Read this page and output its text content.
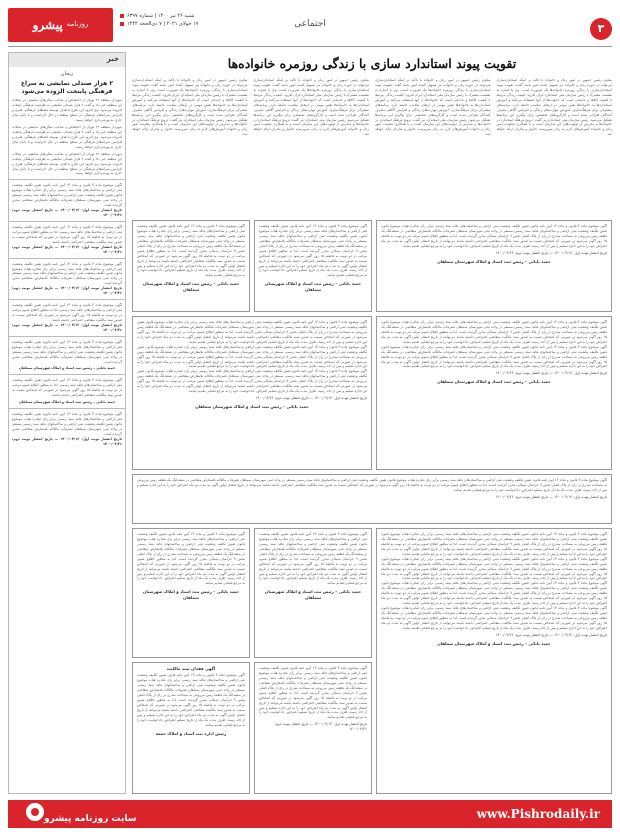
روزنامه
پیشرو
شنبه ۲۶ تیر ۱۴۰۰ | شماره ۶۳۹۷
۱۷ جولای ۲۰۲۱ | ۷ ذی‌الحجه ۱۴۴۲	اجتماعی	۳
خبر
زنجان
۲ هزار صندلی نمایشی به سراغ فرهنگی پایتخت الزوده می‌شود
شهردار منطقه ۲۲ تهران از اختصاص و ساخت سالن‌های نمایشی در محلات این منطقه خبر داد و گفت ۲ هزار صندلی نمایشی به ظرفیت فرهنگی پایتخت افزوده می‌شود. وی افزود این طرح با هدف توسعه فضاهای فرهنگی، هنری و افزایش سرانه‌های فرهنگی در سطح منطقه در حال اجراست و تا پایان سال جاری به بهره‌برداری خواهد رسید.
شهردار منطقه ۲۲ تهران از اختصاص و ساخت سالن‌های نمایشی در محلات این منطقه خبر داد و گفت ۲ هزار صندلی نمایشی به ظرفیت فرهنگی پایتخت افزوده می‌شود. وی افزود این طرح با هدف توسعه فضاهای فرهنگی، هنری و افزایش سرانه‌های فرهنگی در سطح منطقه در حال اجراست و تا پایان سال جاری به بهره‌برداری خواهد رسید.
شهردار منطقه ۲۲ تهران از اختصاص و ساخت سالن‌های نمایشی در محلات این منطقه خبر داد و گفت ۲ هزار صندلی نمایشی به ظرفیت فرهنگی پایتخت افزوده می‌شود. وی افزود این طرح با هدف توسعه فضاهای فرهنگی، هنری و افزایش سرانه‌های فرهنگی در سطح منطقه در حال اجراست و تا پایان سال جاری به بهره‌برداری خواهد رسید.
آگهی موضوع ماده ۳ قانون و ماده ۱۳ آیین نامه قانون تعیین تکلیف وضعیت ثبتی اراضی و ساختمان‌های فاقد سند رسمی برابر رای صادره هیات موضوع قانون تعیین تکلیف وضعیت ثبتی اراضی و ساختمانهای فاقد سند رسمی مستقر در واحد ثبتی شهرستان سملقان تصرفات مالکانه بلامعارض متقاضی محرز گردیده است.
تاریخ انتشار نوبت اول: ۱۴۰۰/۰۴/۱۲ — تاریخ انتشار نوبت دوم: ۱۴۰۰/۰۴/۲۶
آگهی موضوع ماده ۳ قانون و ماده ۱۳ آیین نامه قانون تعیین تکلیف وضعیت ثبتی اراضی و ساختمان‌های فاقد سند رسمی، لذا به منظور اطلاع عموم مراتب در دو نوبت به فاصله ۱۵ روز آگهی می‌شود در صورتی که اشخاص نسبت به صدور سند مالکیت متقاضی اعتراضی داشته باشند.
تاریخ انتشار نوبت اول: ۱۴۰۰/۰۴/۱۲ — تاریخ انتشار نوبت دوم: ۱۴۰۰/۰۴/۲۶
آگهی موضوع ماده ۳ قانون و ماده ۱۳ آیین نامه قانون تعیین تکلیف وضعیت ثبتی اراضی و ساختمان‌های فاقد سند رسمی برابر رای صادره هیات موضوع قانون تعیین تکلیف وضعیت ثبتی اراضی و ساختمانهای فاقد سند رسمی مستقر در واحد ثبتی شهرستان سملقان تصرفات مالکانه بلامعارض متقاضی محرز گردیده است.
تاریخ انتشار نوبت اول: ۱۴۰۰/۰۴/۱۲ — تاریخ انتشار نوبت دوم: ۱۴۰۰/۰۴/۲۶
آگهی موضوع ماده ۳ قانون و ماده ۱۳ آیین نامه قانون تعیین تکلیف وضعیت ثبتی اراضی و ساختمان‌های فاقد سند رسمی، لذا به منظور اطلاع عموم مراتب در دو نوبت به فاصله ۱۵ روز آگهی می‌شود در صورتی که اشخاص نسبت به صدور سند مالکیت متقاضی اعتراضی داشته باشند.
تاریخ انتشار نوبت اول: ۱۴۰۰/۰۴/۱۲ — تاریخ انتشار نوبت دوم: ۱۴۰۰/۰۴/۲۶
آگهی موضوع ماده ۳ قانون و ماده ۱۳ آیین نامه قانون تعیین تکلیف وضعیت ثبتی اراضی و ساختمان‌های فاقد سند رسمی برابر رای صادره هیات موضوع قانون تعیین تکلیف وضعیت ثبتی اراضی و ساختمانهای فاقد سند رسمی مستقر در واحد ثبتی شهرستان سملقان تصرفات مالکانه بلامعارض متقاضی محرز گردیده است.
حمید بابائی – رئیس ثبت اسناد و املاک شهرستان سملقان
آگهی موضوع ماده ۳ قانون و ماده ۱۳ آیین نامه قانون تعیین تکلیف وضعیت ثبتی اراضی و ساختمان‌های فاقد سند رسمی، لذا به منظور اطلاع عموم مراتب در دو نوبت به فاصله ۱۵ روز آگهی می‌شود در صورتی که اشخاص نسبت به صدور سند مالکیت متقاضی اعتراضی داشته باشند.
حمید بابائی – رئیس ثبت اسناد و املاک شهرستان سملقان
آگهی موضوع ماده ۳ قانون و ماده ۱۳ آیین نامه قانون تعیین تکلیف وضعیت ثبتی اراضی و ساختمان‌های فاقد سند رسمی برابر رای صادره هیات موضوع قانون تعیین تکلیف وضعیت ثبتی اراضی و ساختمانهای فاقد سند رسمی مستقر در واحد ثبتی شهرستان سملقان تصرفات مالکانه بلامعارض متقاضی محرز گردیده است.
تاریخ انتشار نوبت اول: ۱۴۰۰/۰۴/۱۲ — تاریخ انتشار نوبت دوم: ۱۴۰۰/۰۴/۲۶
تقویت پیوند استاندارد سازی با زندگی روزمره خانواده‌ها
معاون رئیس جمهور در امور زنان و خانواده با تاکید بر اینکه استانداردسازی می‌تواند در حوزه زنان و خانواده نیز تسهیل کننده امور باشد گفت: تقویت پیوند استانداردسازی با زندگی روزمره خانواده‌ها یک ضرورت است. وی با اشاره به نشست مشترک با رئیس سازمان ملی استاندارد ایران افزود: کیفیت زندگی مرتبط با کیفیت کالاها و خدماتی است که خانواده‌ها از آنها استفاده می‌کنند و آموزش استانداردها به خانواده‌ها نقش مهمی در ارتقای سلامت جامعه دارد. برنامه‌های مشترکی برای فرهنگ‌سازی، آموزش مهارت‌های زندگی و افزایش آگاهی مصرف کنندگان طراحی شده است و کارگروه‌های تخصصی برای پیگیری این برنامه‌ها تشکیل می‌شود. رئیس سازمان ملی استاندارد نیز گفت: ترویج فرهنگ استاندارد در خانواده‌ها و مدارس از اولویت‌های این سازمان است و با همکاری معاونت امور زنان و خانواده آموزش‌های لازم به زنان سرپرست خانوار و مادران ارائه خواهد شد.
معاون رئیس جمهور در امور زنان و خانواده با تاکید بر اینکه استانداردسازی می‌تواند در حوزه زنان و خانواده نیز تسهیل کننده امور باشد گفت: تقویت پیوند استانداردسازی با زندگی روزمره خانواده‌ها یک ضرورت است. وی با اشاره به نشست مشترک با رئیس سازمان ملی استاندارد ایران افزود: کیفیت زندگی مرتبط با کیفیت کالاها و خدماتی است که خانواده‌ها از آنها استفاده می‌کنند و آموزش استانداردها به خانواده‌ها نقش مهمی در ارتقای سلامت جامعه دارد. برنامه‌های مشترکی برای فرهنگ‌سازی، آموزش مهارت‌های زندگی و افزایش آگاهی مصرف کنندگان طراحی شده است و کارگروه‌های تخصصی برای پیگیری این برنامه‌ها تشکیل می‌شود. رئیس سازمان ملی استاندارد نیز گفت: ترویج فرهنگ استاندارد در خانواده‌ها و مدارس از اولویت‌های این سازمان است و با همکاری معاونت امور زنان و خانواده آموزش‌های لازم به زنان سرپرست خانوار و مادران ارائه خواهد شد.
معاون رئیس جمهور در امور زنان و خانواده با تاکید بر اینکه استانداردسازی می‌تواند در حوزه زنان و خانواده نیز تسهیل کننده امور باشد گفت: تقویت پیوند استانداردسازی با زندگی روزمره خانواده‌ها یک ضرورت است. وی با اشاره به نشست مشترک با رئیس سازمان ملی استاندارد ایران افزود: کیفیت زندگی مرتبط با کیفیت کالاها و خدماتی است که خانواده‌ها از آنها استفاده می‌کنند و آموزش استانداردها به خانواده‌ها نقش مهمی در ارتقای سلامت جامعه دارد. برنامه‌های مشترکی برای فرهنگ‌سازی، آموزش مهارت‌های زندگی و افزایش آگاهی مصرف کنندگان طراحی شده است و کارگروه‌های تخصصی برای پیگیری این برنامه‌ها تشکیل می‌شود. رئیس سازمان ملی استاندارد نیز گفت: ترویج فرهنگ استاندارد در خانواده‌ها و مدارس از اولویت‌های این سازمان است و با همکاری معاونت امور زنان و خانواده آموزش‌های لازم به زنان سرپرست خانوار و مادران ارائه خواهد شد.
معاون رئیس جمهور در امور زنان و خانواده با تاکید بر اینکه استانداردسازی می‌تواند در حوزه زنان و خانواده نیز تسهیل کننده امور باشد گفت: تقویت پیوند استانداردسازی با زندگی روزمره خانواده‌ها یک ضرورت است. وی با اشاره به نشست مشترک با رئیس سازمان ملی استاندارد ایران افزود: کیفیت زندگی مرتبط با کیفیت کالاها و خدماتی است که خانواده‌ها از آنها استفاده می‌کنند و آموزش استانداردها به خانواده‌ها نقش مهمی در ارتقای سلامت جامعه دارد. برنامه‌های مشترکی برای فرهنگ‌سازی، آموزش مهارت‌های زندگی و افزایش آگاهی مصرف کنندگان طراحی شده است و کارگروه‌های تخصصی برای پیگیری این برنامه‌ها تشکیل می‌شود. رئیس سازمان ملی استاندارد نیز گفت: ترویج فرهنگ استاندارد در خانواده‌ها و مدارس از اولویت‌های این سازمان است و با همکاری معاونت امور زنان و خانواده آموزش‌های لازم به زنان سرپرست خانوار و مادران ارائه خواهد شد.
آگهی موضوع ماده ۳ قانون و ماده ۱۳ آیین نامه قانون تعیین تکلیف وضعیت ثبتی اراضی و ساختمان‌های فاقد سند رسمی برابر رای صادره هیات موضوع قانون تعیین تکلیف وضعیت ثبتی اراضی و ساختمانهای فاقد سند رسمی مستقر در واحد ثبتی شهرستان سملقان تصرفات مالکانه بلامعارض متقاضی در ششدانگ یک قطعه زمین مزروعی به مساحت مندرج در رای از پلاک اصلی بخش ۹ خراسان شمالی محرز گردیده است. لذا به منظور اطلاع عموم مراتب در دو نوبت به فاصله ۱۵ روز آگهی می‌شود در صورتی که اشخاص نسبت به صدور سند مالکیت متقاضی اعتراضی داشته باشند می‌توانند از تاریخ انتشار اولین آگهی به مدت دو ماه اعتراض خود را به این اداره تسلیم و پس از اخذ رسید، ظرف مدت یک ماه از تاریخ تسلیم اعتراض، دادخواست خود را به مرجع قضایی تقدیم نمایند.
حمید بابائی – رئیس ثبت اسناد و املاک شهرستان سملقان
آگهی موضوع ماده ۳ قانون و ماده ۱۳ آیین نامه قانون تعیین تکلیف وضعیت ثبتی اراضی و ساختمان‌های فاقد سند رسمی برابر رای صادره هیات موضوع قانون تعیین تکلیف وضعیت ثبتی اراضی و ساختمانهای فاقد سند رسمی مستقر در واحد ثبتی شهرستان سملقان تصرفات مالکانه بلامعارض متقاضی در ششدانگ یک قطعه زمین مزروعی به مساحت مندرج در رای از پلاک اصلی بخش ۹ خراسان شمالی محرز گردیده است. لذا به منظور اطلاع عموم مراتب در دو نوبت به فاصله ۱۵ روز آگهی می‌شود در صورتی که اشخاص نسبت به صدور سند مالکیت متقاضی اعتراضی داشته باشند می‌توانند از تاریخ انتشار اولین آگهی به مدت دو ماه اعتراض خود را به این اداره تسلیم و پس از اخذ رسید، ظرف مدت یک ماه از تاریخ تسلیم اعتراض، دادخواست خود را به مرجع قضایی تقدیم نمایند.
حمید بابائی – رئیس ثبت اسناد و املاک شهرستان سملقان
آگهی موضوع ماده ۳ قانون و ماده ۱۳ آیین نامه قانون تعیین تکلیف وضعیت ثبتی اراضی و ساختمان‌های فاقد سند رسمی برابر رای صادره هیات موضوع قانون تعیین تکلیف وضعیت ثبتی اراضی و ساختمانهای فاقد سند رسمی مستقر در واحد ثبتی شهرستان سملقان تصرفات مالکانه بلامعارض متقاضی در ششدانگ یک قطعه زمین مزروعی به مساحت مندرج در رای از پلاک اصلی بخش ۹ خراسان شمالی محرز گردیده است. لذا به منظور اطلاع عموم مراتب در دو نوبت به فاصله ۱۵ روز آگهی می‌شود در صورتی که اشخاص نسبت به صدور سند مالکیت متقاضی اعتراضی داشته باشند می‌توانند از تاریخ انتشار اولین آگهی به مدت دو ماه اعتراض خود را به این اداره تسلیم و پس از اخذ رسید، ظرف مدت یک ماه از تاریخ تسلیم اعتراض، دادخواست خود را به مرجع قضایی تقدیم نمایند.
تاریخ انتشار نوبت اول: ۱۴۰۰/۰۴/۱۲ — تاریخ انتشار نوبت دوم: ۱۴۰۰/۰۴/۲۶
حمید بابائی – رئیس ثبت اسناد و املاک شهرستان سملقان
آگهی موضوع ماده ۳ قانون و ماده ۱۳ آیین نامه قانون تعیین تکلیف وضعیت ثبتی اراضی و ساختمان‌های فاقد سند رسمی برابر رای صادره هیات موضوع قانون تعیین تکلیف وضعیت ثبتی اراضی و ساختمانهای فاقد سند رسمی مستقر در واحد ثبتی شهرستان سملقان تصرفات مالکانه بلامعارض متقاضی در ششدانگ یک قطعه زمین مزروعی به مساحت مندرج در رای از پلاک اصلی بخش ۹ خراسان شمالی محرز گردیده است. لذا به منظور اطلاع عموم مراتب در دو نوبت به فاصله ۱۵ روز آگهی می‌شود در صورتی که اشخاص نسبت به صدور سند مالکیت متقاضی اعتراضی داشته باشند می‌توانند از تاریخ انتشار اولین آگهی به مدت دو ماه اعتراض خود را به این اداره تسلیم و پس از اخذ رسید، ظرف مدت یک ماه از تاریخ تسلیم اعتراض، دادخواست خود را به مرجع قضایی تقدیم نمایند.
آگهی موضوع ماده ۳ قانون و ماده ۱۳ آیین نامه قانون تعیین تکلیف وضعیت ثبتی اراضی و ساختمان‌های فاقد سند رسمی برابر رای صادره هیات موضوع قانون تعیین تکلیف وضعیت ثبتی اراضی و ساختمانهای فاقد سند رسمی مستقر در واحد ثبتی شهرستان سملقان تصرفات مالکانه بلامعارض متقاضی در ششدانگ یک قطعه زمین مزروعی به مساحت مندرج در رای از پلاک اصلی بخش ۹ خراسان شمالی محرز گردیده است. لذا به منظور اطلاع عموم مراتب در دو نوبت به فاصله ۱۵ روز آگهی می‌شود در صورتی که اشخاص نسبت به صدور سند مالکیت متقاضی اعتراضی داشته باشند می‌توانند از تاریخ انتشار اولین آگهی به مدت دو ماه اعتراض خود را به این اداره تسلیم و پس از اخذ رسید، ظرف مدت یک ماه از تاریخ تسلیم اعتراض، دادخواست خود را به مرجع قضایی تقدیم نمایند.
آگهی موضوع ماده ۳ قانون و ماده ۱۳ آیین نامه قانون تعیین تکلیف وضعیت ثبتی اراضی و ساختمان‌های فاقد سند رسمی برابر رای صادره هیات موضوع قانون تعیین تکلیف وضعیت ثبتی اراضی و ساختمانهای فاقد سند رسمی مستقر در واحد ثبتی شهرستان سملقان تصرفات مالکانه بلامعارض متقاضی در ششدانگ یک قطعه زمین مزروعی به مساحت مندرج در رای از پلاک اصلی بخش ۹ خراسان شمالی محرز گردیده است. لذا به منظور اطلاع عموم مراتب در دو نوبت به فاصله ۱۵ روز آگهی می‌شود در صورتی که اشخاص نسبت به صدور سند مالکیت متقاضی اعتراضی داشته باشند می‌توانند از تاریخ انتشار اولین آگهی به مدت دو ماه اعتراض خود را به این اداره تسلیم و پس از اخذ رسید، ظرف مدت یک ماه از تاریخ تسلیم اعتراض، دادخواست خود را به مرجع قضایی تقدیم نمایند.
تاریخ انتشار نوبت اول: ۱۴۰۰/۰۴/۱۲ — تاریخ انتشار نوبت دوم: ۱۴۰۰/۰۴/۲۶
حمید بابائی – رئیس ثبت اسناد و املاک شهرستان سملقان
آگهی موضوع ماده ۳ قانون و ماده ۱۳ آیین نامه قانون تعیین تکلیف وضعیت ثبتی اراضی و ساختمان‌های فاقد سند رسمی برابر رای صادره هیات موضوع قانون تعیین تکلیف وضعیت ثبتی اراضی و ساختمانهای فاقد سند رسمی مستقر در واحد ثبتی شهرستان سملقان تصرفات مالکانه بلامعارض متقاضی در ششدانگ یک قطعه زمین مزروعی به مساحت مندرج در رای از پلاک اصلی بخش ۹ خراسان شمالی محرز گردیده است. لذا به منظور اطلاع عموم مراتب در دو نوبت به فاصله ۱۵ روز آگهی می‌شود در صورتی که اشخاص نسبت به صدور سند مالکیت متقاضی اعتراضی داشته باشند می‌توانند از تاریخ انتشار اولین آگهی به مدت دو ماه اعتراض خود را به این اداره تسلیم و پس از اخذ رسید، ظرف مدت یک ماه از تاریخ تسلیم اعتراض، دادخواست خود را به مرجع قضایی تقدیم نمایند.
آگهی موضوع ماده ۳ قانون و ماده ۱۳ آیین نامه قانون تعیین تکلیف وضعیت ثبتی اراضی و ساختمان‌های فاقد سند رسمی برابر رای صادره هیات موضوع قانون تعیین تکلیف وضعیت ثبتی اراضی و ساختمانهای فاقد سند رسمی مستقر در واحد ثبتی شهرستان سملقان تصرفات مالکانه بلامعارض متقاضی در ششدانگ یک قطعه زمین مزروعی به مساحت مندرج در رای از پلاک اصلی بخش ۹ خراسان شمالی محرز گردیده است. لذا به منظور اطلاع عموم مراتب در دو نوبت به فاصله ۱۵ روز آگهی می‌شود در صورتی که اشخاص نسبت به صدور سند مالکیت متقاضی اعتراضی داشته باشند می‌توانند از تاریخ انتشار اولین آگهی به مدت دو ماه اعتراض خود را به این اداره تسلیم و پس از اخذ رسید، ظرف مدت یک ماه از تاریخ تسلیم اعتراض، دادخواست خود را به مرجع قضایی تقدیم نمایند.
تاریخ انتشار نوبت اول: ۱۴۰۰/۰۴/۱۲ — تاریخ انتشار نوبت دوم: ۱۴۰۰/۰۴/۲۶
حمید بابائی – رئیس ثبت اسناد و املاک شهرستان سملقان
آگهی موضوع ماده ۳ قانون و ماده ۱۳ آیین نامه قانون تعیین تکلیف وضعیت ثبتی اراضی و ساختمان‌های فاقد سند رسمی برابر رای صادره هیات موضوع قانون تعیین تکلیف وضعیت ثبتی اراضی و ساختمانهای فاقد سند رسمی مستقر در واحد ثبتی شهرستان سملقان تصرفات مالکانه بلامعارض متقاضی در ششدانگ یک قطعه زمین مزروعی به مساحت مندرج در رای از پلاک اصلی بخش ۹ خراسان شمالی محرز گردیده است. لذا به منظور اطلاع عموم مراتب در دو نوبت به فاصله ۱۵ روز آگهی می‌شود در صورتی که اشخاص نسبت به صدور سند مالکیت متقاضی اعتراضی داشته باشند می‌توانند از تاریخ انتشار اولین آگهی به مدت دو ماه اعتراض خود را به این اداره تسلیم و پس از اخذ رسید، ظرف مدت یک ماه از تاریخ تسلیم اعتراض، دادخواست خود را به مرجع قضایی تقدیم نمایند.
تاریخ انتشار نوبت اول: ۱۴۰۰/۰۴/۱۲ — تاریخ انتشار نوبت دوم: ۱۴۰۰/۰۴/۲۶
آگهی موضوع ماده ۳ قانون و ماده ۱۳ آیین نامه قانون تعیین تکلیف وضعیت ثبتی اراضی و ساختمان‌های فاقد سند رسمی برابر رای صادره هیات موضوع قانون تعیین تکلیف وضعیت ثبتی اراضی و ساختمانهای فاقد سند رسمی مستقر در واحد ثبتی شهرستان سملقان تصرفات مالکانه بلامعارض متقاضی در ششدانگ یک قطعه زمین مزروعی به مساحت مندرج در رای از پلاک اصلی بخش ۹ خراسان شمالی محرز گردیده است. لذا به منظور اطلاع عموم مراتب در دو نوبت به فاصله ۱۵ روز آگهی می‌شود در صورتی که اشخاص نسبت به صدور سند مالکیت متقاضی اعتراضی داشته باشند می‌توانند از تاریخ انتشار اولین آگهی به مدت دو ماه اعتراض خود را به این اداره تسلیم و پس از اخذ رسید، ظرف مدت یک ماه از تاریخ تسلیم اعتراض، دادخواست خود را به مرجع قضایی تقدیم نمایند.
حمید بابائی – رئیس ثبت اسناد و املاک شهرستان سملقان
آگهی موضوع ماده ۳ قانون و ماده ۱۳ آیین نامه قانون تعیین تکلیف وضعیت ثبتی اراضی و ساختمان‌های فاقد سند رسمی برابر رای صادره هیات موضوع قانون تعیین تکلیف وضعیت ثبتی اراضی و ساختمانهای فاقد سند رسمی مستقر در واحد ثبتی شهرستان سملقان تصرفات مالکانه بلامعارض متقاضی در ششدانگ یک قطعه زمین مزروعی به مساحت مندرج در رای از پلاک اصلی بخش ۹ خراسان شمالی محرز گردیده است. لذا به منظور اطلاع عموم مراتب در دو نوبت به فاصله ۱۵ روز آگهی می‌شود در صورتی که اشخاص نسبت به صدور سند مالکیت متقاضی اعتراضی داشته باشند می‌توانند از تاریخ انتشار اولین آگهی به مدت دو ماه اعتراض خود را به این اداره تسلیم و پس از اخذ رسید، ظرف مدت یک ماه از تاریخ تسلیم اعتراض، دادخواست خود را به مرجع قضایی تقدیم نمایند.
حمید بابائی – رئیس ثبت اسناد و املاک شهرستان سملقان
آگهی موضوع ماده ۳ قانون و ماده ۱۳ آیین نامه قانون تعیین تکلیف وضعیت ثبتی اراضی و ساختمان‌های فاقد سند رسمی برابر رای صادره هیات موضوع قانون تعیین تکلیف وضعیت ثبتی اراضی و ساختمانهای فاقد سند رسمی مستقر در واحد ثبتی شهرستان سملقان تصرفات مالکانه بلامعارض متقاضی در ششدانگ یک قطعه زمین مزروعی به مساحت مندرج در رای از پلاک اصلی بخش ۹ خراسان شمالی محرز گردیده است. لذا به منظور اطلاع عموم مراتب در دو نوبت به فاصله ۱۵ روز آگهی می‌شود در صورتی که اشخاص نسبت به صدور سند مالکیت متقاضی اعتراضی داشته باشند می‌توانند از تاریخ انتشار اولین آگهی به مدت دو ماه اعتراض خود را به این اداره تسلیم و پس از اخذ رسید، ظرف مدت یک ماه از تاریخ تسلیم اعتراض، دادخواست خود را به مرجع قضایی تقدیم نمایند.
آگهی موضوع ماده ۳ قانون و ماده ۱۳ آیین نامه قانون تعیین تکلیف وضعیت ثبتی اراضی و ساختمان‌های فاقد سند رسمی برابر رای صادره هیات موضوع قانون تعیین تکلیف وضعیت ثبتی اراضی و ساختمانهای فاقد سند رسمی مستقر در واحد ثبتی شهرستان سملقان تصرفات مالکانه بلامعارض متقاضی در ششدانگ یک قطعه زمین مزروعی به مساحت مندرج در رای از پلاک اصلی بخش ۹ خراسان شمالی محرز گردیده است. لذا به منظور اطلاع عموم مراتب در دو نوبت به فاصله ۱۵ روز آگهی می‌شود در صورتی که اشخاص نسبت به صدور سند مالکیت متقاضی اعتراضی داشته باشند می‌توانند از تاریخ انتشار اولین آگهی به مدت دو ماه اعتراض خود را به این اداره تسلیم و پس از اخذ رسید، ظرف مدت یک ماه از تاریخ تسلیم اعتراض، دادخواست خود را به مرجع قضایی تقدیم نمایند.
آگهی موضوع ماده ۳ قانون و ماده ۱۳ آیین نامه قانون تعیین تکلیف وضعیت ثبتی اراضی و ساختمان‌های فاقد سند رسمی برابر رای صادره هیات موضوع قانون تعیین تکلیف وضعیت ثبتی اراضی و ساختمانهای فاقد سند رسمی مستقر در واحد ثبتی شهرستان سملقان تصرفات مالکانه بلامعارض متقاضی در ششدانگ یک قطعه زمین مزروعی به مساحت مندرج در رای از پلاک اصلی بخش ۹ خراسان شمالی محرز گردیده است. لذا به منظور اطلاع عموم مراتب در دو نوبت به فاصله ۱۵ روز آگهی می‌شود در صورتی که اشخاص نسبت به صدور سند مالکیت متقاضی اعتراضی داشته باشند می‌توانند از تاریخ انتشار اولین آگهی به مدت دو ماه اعتراض خود را به این اداره تسلیم و پس از اخذ رسید، ظرف مدت یک ماه از تاریخ تسلیم اعتراض، دادخواست خود را به مرجع قضایی تقدیم نمایند.
آگهی موضوع ماده ۳ قانون و ماده ۱۳ آیین نامه قانون تعیین تکلیف وضعیت ثبتی اراضی و ساختمان‌های فاقد سند رسمی برابر رای صادره هیات موضوع قانون تعیین تکلیف وضعیت ثبتی اراضی و ساختمانهای فاقد سند رسمی مستقر در واحد ثبتی شهرستان سملقان تصرفات مالکانه بلامعارض متقاضی در ششدانگ یک قطعه زمین مزروعی به مساحت مندرج در رای از پلاک اصلی بخش ۹ خراسان شمالی محرز گردیده است. لذا به منظور اطلاع عموم مراتب در دو نوبت به فاصله ۱۵ روز آگهی می‌شود در صورتی که اشخاص نسبت به صدور سند مالکیت متقاضی اعتراضی داشته باشند می‌توانند از تاریخ انتشار اولین آگهی به مدت دو ماه اعتراض خود را به این اداره تسلیم و پس از اخذ رسید، ظرف مدت یک ماه از تاریخ تسلیم اعتراض، دادخواست خود را به مرجع قضایی تقدیم نمایند.
تاریخ انتشار نوبت اول: ۱۴۰۰/۰۴/۱۲ — تاریخ انتشار نوبت دوم: ۱۴۰۰/۰۴/۲۶
حمید بابائی – رئیس ثبت اسناد و املاک شهرستان سملقان
آگهی فقدان سند مالکیت
آگهی موضوع ماده ۳ قانون و ماده ۱۳ آیین نامه قانون تعیین تکلیف وضعیت ثبتی اراضی و ساختمان‌های فاقد سند رسمی برابر رای صادره هیات موضوع قانون تعیین تکلیف وضعیت ثبتی اراضی و ساختمانهای فاقد سند رسمی مستقر در واحد ثبتی شهرستان سملقان تصرفات مالکانه بلامعارض متقاضی در ششدانگ یک قطعه زمین مزروعی به مساحت مندرج در رای از پلاک اصلی بخش ۹ خراسان شمالی محرز گردیده است. لذا به منظور اطلاع عموم مراتب در دو نوبت به فاصله ۱۵ روز آگهی می‌شود در صورتی که اشخاص نسبت به صدور سند مالکیت متقاضی اعتراضی داشته باشند می‌توانند از تاریخ انتشار اولین آگهی به مدت دو ماه اعتراض خود را به این اداره تسلیم و پس از اخذ رسید، ظرف مدت یک ماه از تاریخ تسلیم اعتراض، دادخواست خود را به مرجع قضایی تقدیم نمایند.
رئیس اداره ثبت اسناد و املاک جمعه
آگهی موضوع ماده ۳ قانون و ماده ۱۳ آیین نامه قانون تعیین تکلیف وضعیت ثبتی اراضی و ساختمان‌های فاقد سند رسمی برابر رای صادره هیات موضوع قانون تعیین تکلیف وضعیت ثبتی اراضی و ساختمانهای فاقد سند رسمی مستقر در واحد ثبتی شهرستان سملقان تصرفات مالکانه بلامعارض متقاضی در ششدانگ یک قطعه زمین مزروعی به مساحت مندرج در رای از پلاک اصلی بخش ۹ خراسان شمالی محرز گردیده است. لذا به منظور اطلاع عموم مراتب در دو نوبت به فاصله ۱۵ روز آگهی می‌شود در صورتی که اشخاص نسبت به صدور سند مالکیت متقاضی اعتراضی داشته باشند می‌توانند از تاریخ انتشار اولین آگهی به مدت دو ماه اعتراض خود را به این اداره تسلیم و پس از اخذ رسید، ظرف مدت یک ماه از تاریخ تسلیم اعتراض، دادخواست خود را به مرجع قضایی تقدیم نمایند.
تاریخ انتشار نوبت اول: ۱۴۰۰/۰۴/۱۲ — تاریخ انتشار نوبت دوم: ۱۴۰۰/۰۴/۲۶
www.Pishrodaily.ir
سایت روزنامه پیشرو
